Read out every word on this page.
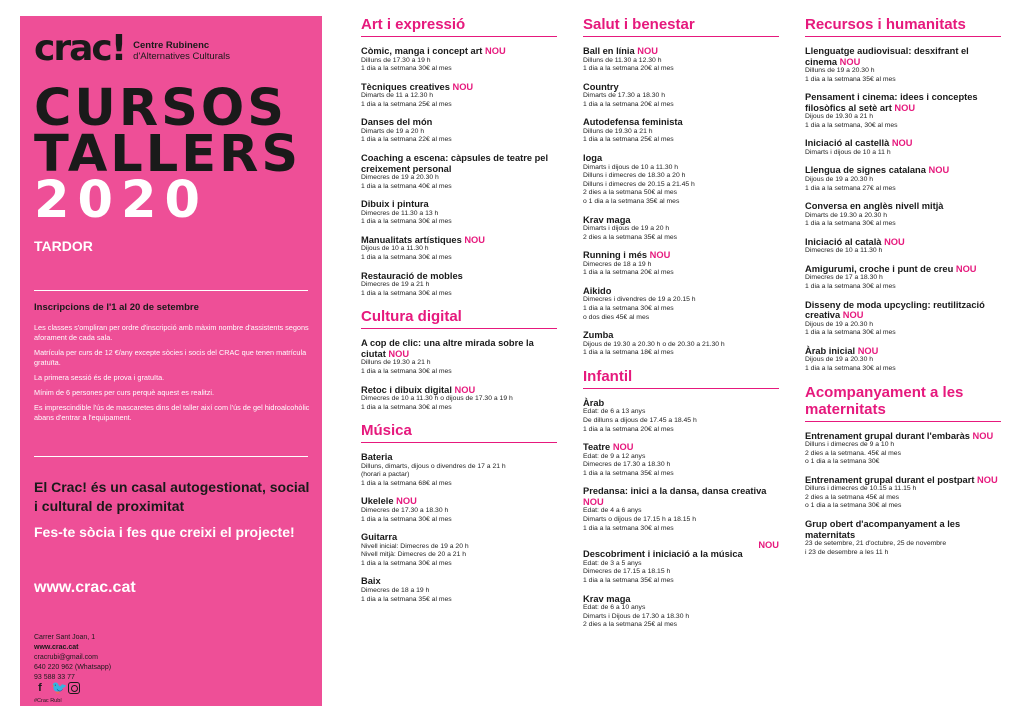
crac! Centre Rubinenc
d'Alternatives Culturals
CURSOS
TALLERS
2020
TARDOR
Inscripcions de l'1 al 20 de setembre

Les classes s'ompliran per ordre d'inscripció amb màxim nombre d'assistents segons aforament de cada sala.

Matrícula per curs de 12 €/any excepte sòcies i socis del CRAC que tenen matrícula gratuïta.

La primera sessió és de prova i gratuïta.

Mínim de 6 persones per curs perquè aquest es realitzi.

Es imprescindible l'ús de mascaretes dins del taller així com l'ús de gel hidroalcohòlic abans d'entrar a l'equipament.

El Crac! és un casal autogestionat, social i cultural de proximitat
Fes-te sòcia i fes que creixi el projecte!
www.crac.cat
Carrer Sant Joan, 1
www.crac.cat
cracrubi@gmail.com
640 220 962 (Whatsapp)
93 588 33 77
f 🐦
#Crac Rubí
Art i expressió
Còmic, manga i concept art NOU
Dilluns de 17.30 a 19 h
1 dia a la setmana 30€ al mes
Tècniques creatives NOU
Dimarts de 11 a 12.30 h
1 dia a la setmana 25€ al mes
Danses del món
Dimarts de 19 a 20 h
1 dia a la setmana 22€ al mes
Coaching a escena: càpsules de teatre pel creixement personal
Dimecres de 19 a 20.30 h
1 dia a la setmana 40€ al mes
Dibuix i pintura
Dimecres de 11.30 a 13 h
1 dia a la setmana 30€ al mes
Manualitats artístiques NOU
Dijous de 10 a 11.30 h
1 dia a la setmana 30€ al mes
Restauració de mobles
Dimecres de 19 a 21 h
1 dia a la setmana 30€ al mes
Cultura digital
A cop de clic: una altre mirada sobre la ciutat NOU
Dilluns de 19.30 a 21 h
1 dia a la setmana 30€ al mes
Retoc i dibuix digital NOU
Dimecres de 10 a 11.30 h o dijous de 17.30 a 19 h
1 dia a la setmana 30€ al mes
Música
Bateria
Dilluns, dimarts, dijous o divendres de 17 a 21 h
(horari a pactar)
1 dia a la setmana 68€ al mes
Ukelele NOU
Dimecres de 17.30 a 18.30 h
1 dia a la setmana 30€ al mes
Guitarra
Nivell inicial: Dimecres de 19 a 20 h
Nivell mitjà: Dimecres de 20 a 21 h
1 dia a la setmana 30€ al mes
Baix
Dimecres de 18 a 19 h
1 dia a la setmana 35€ al mes
Salut i benestar
Ball en línia NOU
Dilluns de 11.30 a 12.30 h
1 dia a la setmana 20€ al mes
Country
Dimarts de 17.30 a 18.30 h
1 dia a la setmana 20€ al mes
Autodefensa feminista
Dilluns de 19.30 a 21 h
1 dia a la setmana 25€ al mes
Ioga
Dimarts i dijous de 10 a 11.30 h
Dilluns i dimecres de 18.30 a 20 h
Dilluns i dimecres de 20.15 a 21.45 h
2 dies a la setmana 50€ al mes
o 1 dia a la setmana 35€ al mes
Krav maga
Dimarts i dijous de 19 a 20 h
2 dies a la setmana 35€ al mes
Running i més NOU
Dimecres de 18 a 19 h
1 dia a la setmana 20€ al mes
Aikido
Dimecres i divendres de 19 a 20.15 h
1 dia a la setmana 30€ al mes
o dos dies 45€ al mes
Zumba
Dijous de 19.30 a 20.30 h o de 20.30 a 21.30 h
1 dia a la setmana 18€ al mes
Infantil
Àrab
Edat: de 6 a 13 anys
De dilluns a dijous de 17.45 a 18.45 h
1 dia a la setmana 20€ al mes
Teatre NOU
Edat: de 9 a 12 anys
Dimecres de 17.30 a 18.30 h
1 dia a la setmana 35€ al mes
Predansa: inici a la dansa, dansa creativa NOU
Edat: de 4 a 6 anys
Dimarts o dijous de 17.15 h a 18.15 h
1 dia a la setmana 30€ al mes
NOU
Descobriment i iniciació a la música
Edat: de 3 a 5 anys
Dimecres de 17.15 a 18.15 h
1 dia a la setmana 35€ al mes
Krav maga
Edat: de 6 a 10 anys
Dimarts i Dijous de 17.30 a 18.30 h
2 dies a la setmana 25€ al mes
Recursos i humanitats
Llenguatge audiovisual: desxifrant el cinema NOU
Dilluns de 19 a 20.30 h
1 dia a la setmana 35€ al mes
Pensament i cinema: idees i conceptes filosòfics al setè art NOU
Dijous de 19.30 a 21 h
1 dia a la setmana, 30€ al mes
Iniciació al castellà NOU
Dimarts i dijous de 10 a 11 h
Llengua de signes catalana NOU
Dijous de 19 a 20.30 h
1 dia a la setmana 27€ al mes
Conversa en anglès nivell mitjà
Dimarts de 19.30 a 20.30 h
1 dia a la setmana 30€ al mes
Iniciació al català NOU
Dimecres de 10 a 11.30 h
Amigurumi, croche i punt de creu NOU
Dimecres de 17 a 18.30 h
1 dia a la setmana 30€ al mes
Disseny de moda upcycling: reutilització creativa NOU
Dijous de 19 a 20.30 h
1 dia a la setmana 30€ al mes
Àrab inicial NOU
Dijous de 19 a 20.30 h
1 dia a la setmana 30€ al mes
Acompanyament a les maternitats
Entrenament grupal durant l'embaràs NOU
Dilluns i dimecres de 9 a 10 h
2 dies a la setmana. 45€ al mes
o 1 dia a la setmana 30€
Entrenament grupal durant el postpart NOU
Dilluns i dimecres de 10.15 a 11.15 h
2 dies a la setmana 45€ al mes
o 1 dia a la setmana 30€ al mes
Grup obert d'acompanyament a les maternitats
23 de setembre, 21 d'octubre, 25 de novembre
i 23 de desembre a les 11 h
